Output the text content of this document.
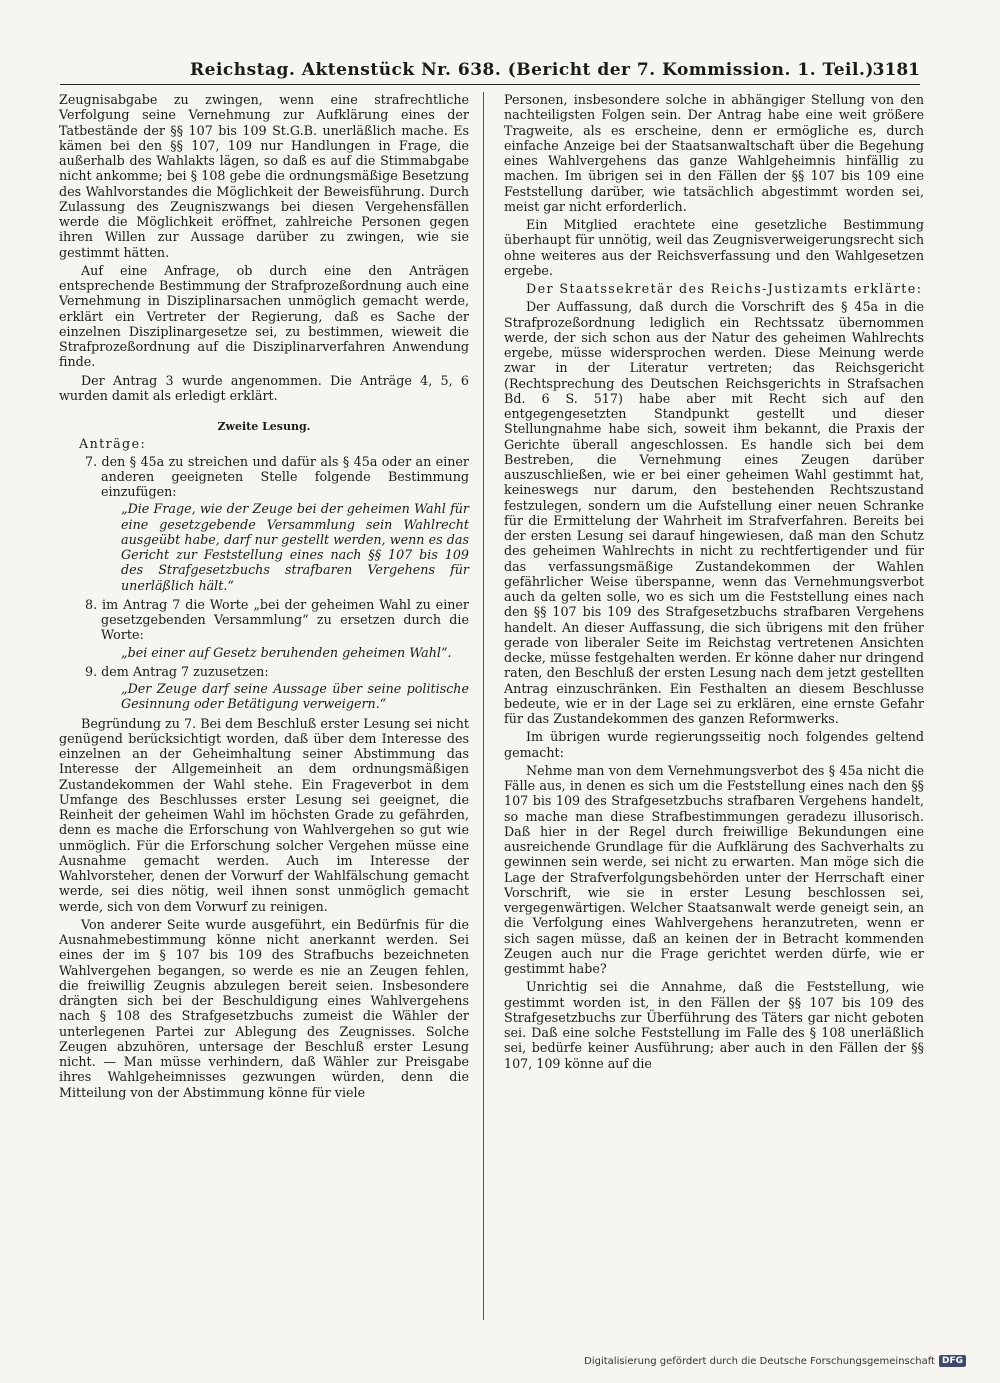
Reichstag. Aktenstück Nr. 638. (Bericht der 7. Kommission. 1. Teil.)
3181

Zeugnisabgabe zu zwingen, wenn eine strafrechtliche Verfolgung seine Vernehmung zur Aufklärung eines der Tatbestände der §§ 107 bis 109 St.G.B. unerläßlich mache. Es kämen bei den §§ 107, 109 nur Handlungen in Frage, die außerhalb des Wahlakts lägen, so daß es auf die Stimmabgabe nicht ankomme; bei § 108 gebe die ordnungsmäßige Besetzung des Wahlvorstandes die Möglichkeit der Beweisführung. Durch Zulassung des Zeugniszwangs bei diesen Vergehensfällen werde die Möglichkeit eröffnet, zahlreiche Personen gegen ihren Willen zur Aussage darüber zu zwingen, wie sie gestimmt hätten.

Auf eine Anfrage, ob durch eine den Anträgen entsprechende Bestimmung der Strafprozeßordnung auch eine Vernehmung in Disziplinarsachen unmöglich gemacht werde, erklärt ein Vertreter der Regierung, daß es Sache der einzelnen Disziplinargesetze sei, zu bestimmen, wieweit die Strafprozeßordnung auf die Disziplinarverfahren Anwendung finde.

Der Antrag 3 wurde angenommen. Die Anträge 4, 5, 6 wurden damit als erledigt erklärt.

Zweite Lesung.
Anträge:

7. den § 45a zu streichen und dafür als § 45a oder an einer anderen geeigneten Stelle folgende Bestimmung einzufügen:

„Die Frage, wie der Zeuge bei der geheimen Wahl für eine gesetzgebende Versammlung sein Wahlrecht ausgeübt habe, darf nur gestellt werden, wenn es das Gericht zur Feststellung eines nach §§ 107 bis 109 des Strafgesetzbuchs strafbaren Vergehens für unerläßlich hält.“

8. im Antrag 7 die Worte „bei der geheimen Wahl zu einer gesetzgebenden Versammlung“ zu ersetzen durch die Worte:

„bei einer auf Gesetz beruhenden geheimen Wahl“.

9. dem Antrag 7 zuzusetzen:

„Der Zeuge darf seine Aussage über seine politische Gesinnung oder Betätigung verweigern.“

Begründung zu 7. Bei dem Beschluß erster Lesung sei nicht genügend berücksichtigt worden, daß über dem Interesse des einzelnen an der Geheimhaltung seiner Abstimmung das Interesse der Allgemeinheit an dem ordnungsmäßigen Zustandekommen der Wahl stehe. Ein Frageverbot in dem Umfange des Beschlusses erster Lesung sei geeignet, die Reinheit der geheimen Wahl im höchsten Grade zu gefährden, denn es mache die Erforschung von Wahlvergehen so gut wie unmöglich. Für die Erforschung solcher Vergehen müsse eine Ausnahme gemacht werden. Auch im Interesse der Wahlvorsteher, denen der Vorwurf der Wahlfälschung gemacht werde, sei dies nötig, weil ihnen sonst unmöglich gemacht werde, sich von dem Vorwurf zu reinigen.

Von anderer Seite wurde ausgeführt, ein Bedürfnis für die Ausnahmebestimmung könne nicht anerkannt werden. Sei eines der im § 107 bis 109 des Strafbuchs bezeichneten Wahlvergehen begangen, so werde es nie an Zeugen fehlen, die freiwillig Zeugnis abzulegen bereit seien. Insbesondere drängten sich bei der Beschuldigung eines Wahlvergehens nach § 108 des Strafgesetzbuchs zumeist die Wähler der unterlegenen Partei zur Ablegung des Zeugnisses. Solche Zeugen abzuhören, untersage der Beschluß erster Lesung nicht. — Man müsse verhindern, daß Wähler zur Preisgabe ihres Wahlgeheimnisses gezwungen würden, denn die Mitteilung von der Abstimmung könne für viele

Personen, insbesondere solche in abhängiger Stellung von den nachteiligsten Folgen sein. Der Antrag habe eine weit größere Tragweite, als es erscheine, denn er ermögliche es, durch einfache Anzeige bei der Staatsanwaltschaft über die Begehung eines Wahlvergehens das ganze Wahlgeheimnis hinfällig zu machen. Im übrigen sei in den Fällen der §§ 107 bis 109 eine Feststellung darüber, wie tatsächlich abgestimmt worden sei, meist gar nicht erforderlich.

Ein Mitglied erachtete eine gesetzliche Bestimmung überhaupt für unnötig, weil das Zeugnisverweigerungsrecht sich ohne weiteres aus der Reichsverfassung und den Wahlgesetzen ergebe.

Der Staatssekretär des Reichs-Justizamts erklärte:

Der Auffassung, daß durch die Vorschrift des § 45a in die Strafprozeßordnung lediglich ein Rechtssatz übernommen werde, der sich schon aus der Natur des geheimen Wahlrechts ergebe, müsse widersprochen werden. Diese Meinung werde zwar in der Literatur vertreten; das Reichsgericht (Rechtsprechung des Deutschen Reichsgerichts in Strafsachen Bd. 6 S. 517) habe aber mit Recht sich auf den entgegengesetzten Standpunkt gestellt und dieser Stellungnahme habe sich, soweit ihm bekannt, die Praxis der Gerichte überall angeschlossen. Es handle sich bei dem Bestreben, die Vernehmung eines Zeugen darüber auszuschließen, wie er bei einer geheimen Wahl gestimmt hat, keineswegs nur darum, den bestehenden Rechtszustand festzulegen, sondern um die Aufstellung einer neuen Schranke für die Ermittelung der Wahrheit im Strafverfahren. Bereits bei der ersten Lesung sei darauf hingewiesen, daß man den Schutz des geheimen Wahlrechts in nicht zu rechtfertigender und für das verfassungsmäßige Zustandekommen der Wahlen gefährlicher Weise überspanne, wenn das Vernehmungsverbot auch da gelten solle, wo es sich um die Feststellung eines nach den §§ 107 bis 109 des Strafgesetzbuchs strafbaren Vergehens handelt. An dieser Auffassung, die sich übrigens mit den früher gerade von liberaler Seite im Reichstag vertretenen Ansichten decke, müsse festgehalten werden. Er könne daher nur dringend raten, den Beschluß der ersten Lesung nach dem jetzt gestellten Antrag einzuschränken. Ein Festhalten an diesem Beschlusse bedeute, wie er in der Lage sei zu erklären, eine ernste Gefahr für das Zustandekommen des ganzen Reformwerks.

Im übrigen wurde regierungsseitig noch folgendes geltend gemacht:

Nehme man von dem Vernehmungsverbot des § 45a nicht die Fälle aus, in denen es sich um die Feststellung eines nach den §§ 107 bis 109 des Strafgesetzbuchs strafbaren Vergehens handelt, so mache man diese Strafbestimmungen geradezu illusorisch. Daß hier in der Regel durch freiwillige Bekundungen eine ausreichende Grundlage für die Aufklärung des Sachverhalts zu gewinnen sein werde, sei nicht zu erwarten. Man möge sich die Lage der Strafverfolgungsbehörden unter der Herrschaft einer Vorschrift, wie sie in erster Lesung beschlossen sei, vergegenwärtigen. Welcher Staatsanwalt werde geneigt sein, an die Verfolgung eines Wahlvergehens heranzutreten, wenn er sich sagen müsse, daß an keinen der in Betracht kommenden Zeugen auch nur die Frage gerichtet werden dürfe, wie er gestimmt habe?

Unrichtig sei die Annahme, daß die Feststellung, wie gestimmt worden ist, in den Fällen der §§ 107 bis 109 des Strafgesetzbuchs zur Überführung des Täters gar nicht geboten sei. Daß eine solche Feststellung im Falle des § 108 unerläßlich sei, bedürfe keiner Ausführung; aber auch in den Fällen der §§ 107, 109 könne auf die

Digitalisierung gefördert durch die Deutsche Forschungsgemeinschaft DFG
